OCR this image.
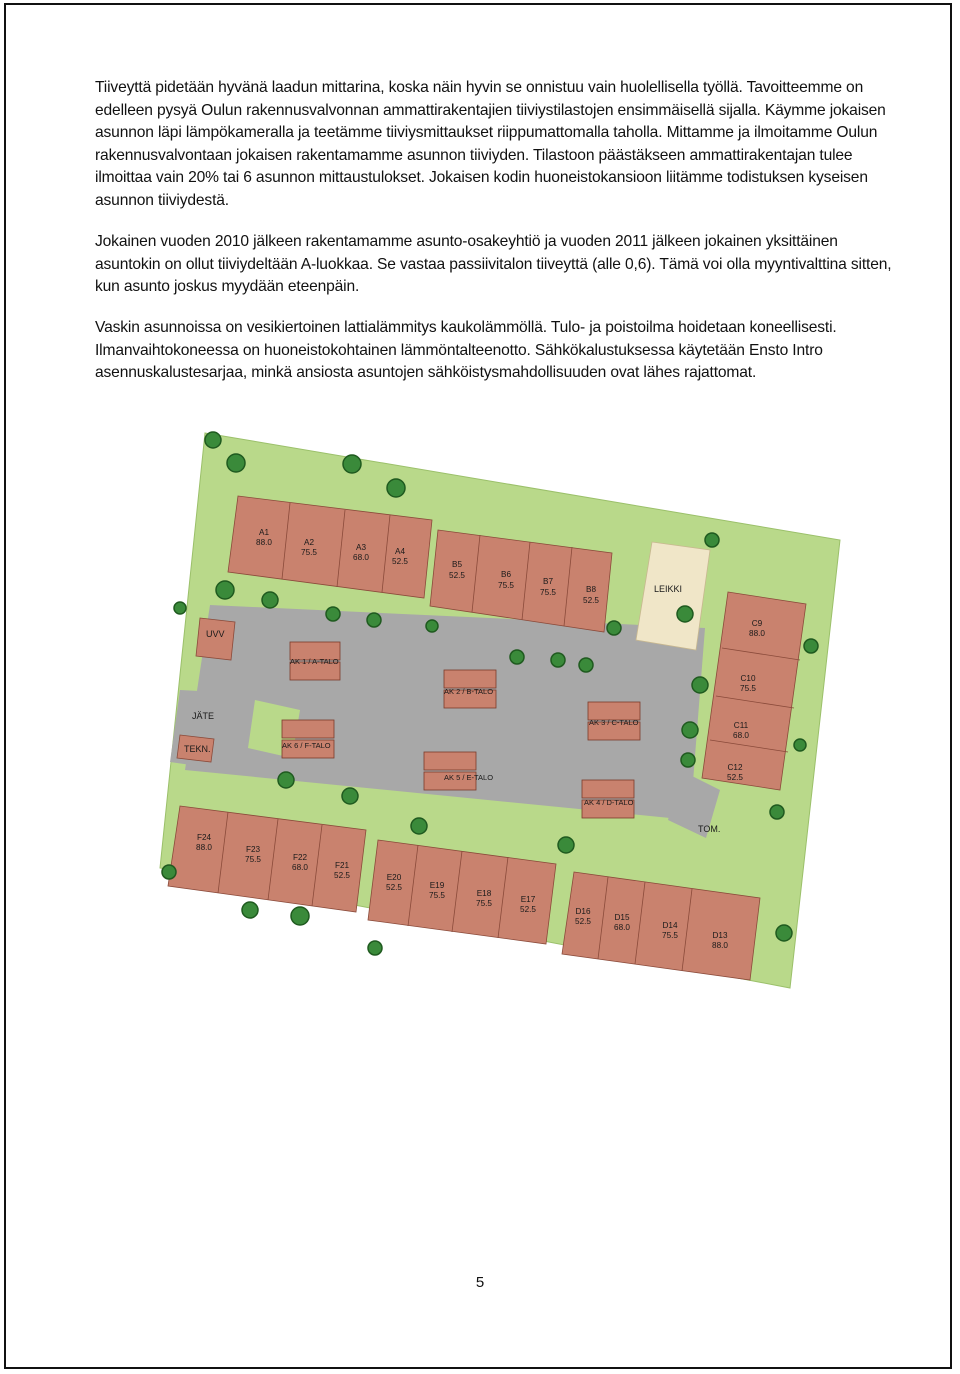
Tiiveyttä pidetään hyvänä laadun mittarina, koska näin hyvin se onnistuu vain huolellisella työllä. Tavoitteemme on edelleen pysyä Oulun rakennusvalvonnan ammattirakentajien tiiviystilastojen ensimmäisellä sijalla. Käymme jokaisen asunnon läpi lämpökameralla ja teetämme tiiviysmittaukset riippumattomalla taholla. Mittamme ja ilmoitamme Oulun rakennusvalvontaan jokaisen rakentamamme asunnon tiiviyden. Tilastoon päästäkseen ammattirakentajan tulee ilmoittaa vain 20% tai 6 asunnon mittaustulokset. Jokaisen kodin huoneistokansioon liitämme todistuksen kyseisen asunnon tiiviydestä.

Jokainen vuoden 2010 jälkeen rakentamamme asunto-osakeyhtiö ja vuoden 2011 jälkeen jokainen yksittäinen asuntokin on ollut tiiviydeltään A-luokkaa. Se vastaa passiivitalon tiiveyttä (alle 0,6). Tämä voi olla myyntivalttina sitten, kun asunto joskus myydään eteenpäin.

Vaskin asunnoissa on vesikiertoinen lattialämmitys kaukolämmöllä. Tulo- ja poistoilma hoidetaan koneellisesti. Ilmanvaihtokoneessa on huoneistokohtainen lämmöntalteenotto. Sähkökalustuksessa käytetään Ensto Intro asennuskalustesarjaa, minkä ansiosta asuntojen sähköistysmahdollisuuden ovat lähes rajattomat.

A1
88.0	A2
75.5
A3
68.0
A4
52.5	B5
52.5	B6
75.5	B7
75.5	B8
52.5
LEIKKI
C9
88.0
C10
75.5
C11
68.0
C12
52.5
D13
88.0
D14
75.5
D15
68.0
D16
52.5
E17
52.5
E18
75.5
E19
75.5
E20
52.5
F21
52.5
F22
68.0
F23
75.5
F24
88.0
UVV
JÄTE
TEKN.
TOM.
AK 1 / A-TALO
AK 2 / B-TALO
AK 3 / C-TALO
AK 4 / D-TALO
AK 5 / E-TALO
AK 6 / F-TALO
5
